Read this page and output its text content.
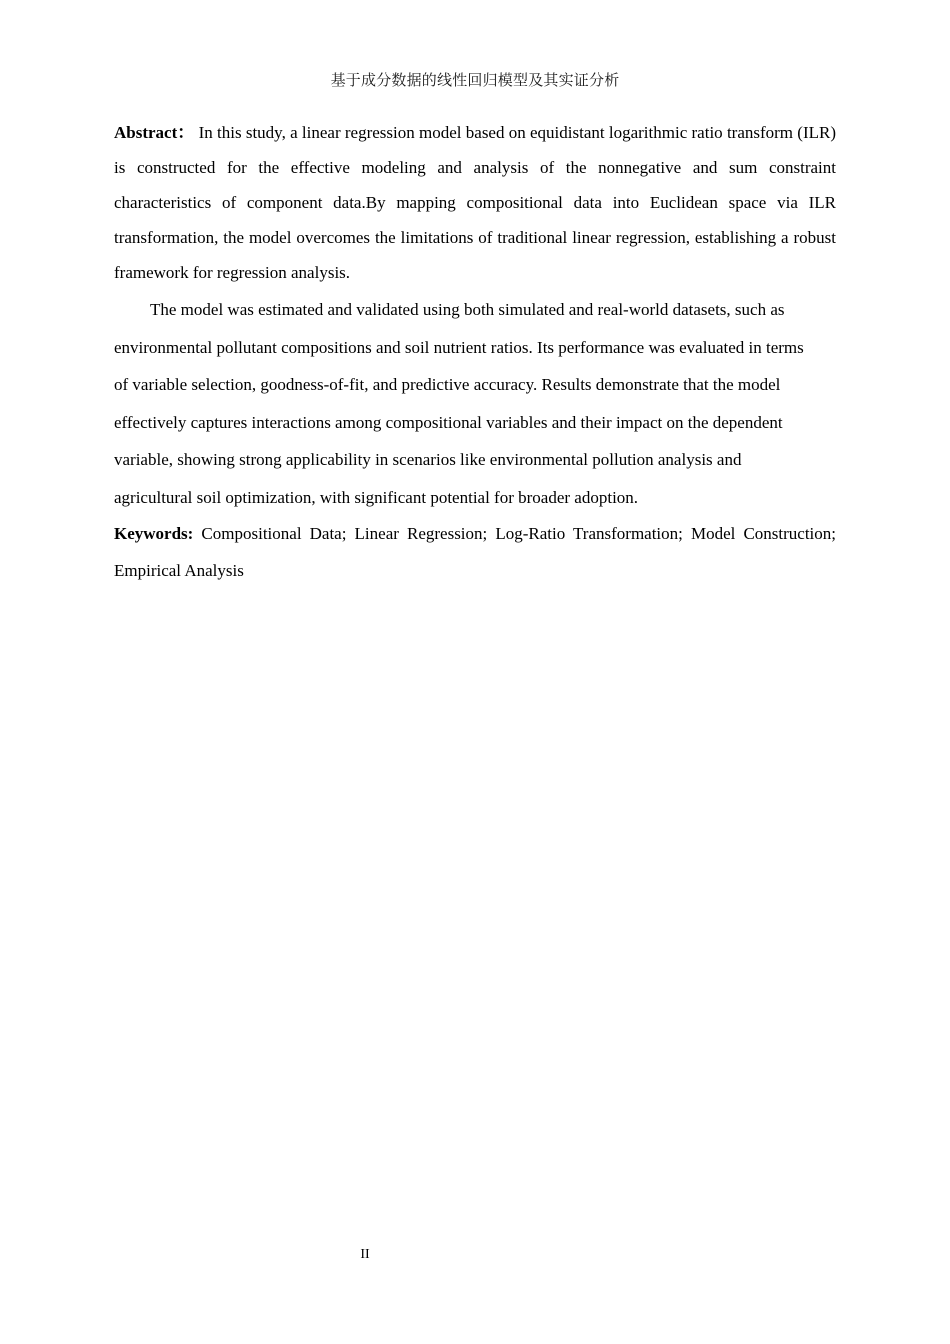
基于成分数据的线性回归模型及其实证分析

Abstract： In this study, a linear regression model based on equidistant logarithmic ratio transform (ILR) is constructed for the effective modeling and analysis of the nonnegative and sum constraint characteristics of component data.By mapping compositional data into Euclidean space via ILR transformation, the model overcomes the limitations of traditional linear regression, establishing a robust framework for regression analysis.

The model was estimated and validated using both simulated and real-world datasets, such as environmental pollutant compositions and soil nutrient ratios. Its performance was evaluated in terms of variable selection, goodness-of-fit, and predictive accuracy. Results demonstrate that the model effectively captures interactions among compositional variables and their impact on the dependent variable, showing strong applicability in scenarios like environmental pollution analysis and agricultural soil optimization, with significant potential for broader adoption.

Keywords: Compositional Data; Linear Regression; Log-Ratio Transformation; Model Construction; Empirical Analysis

II
